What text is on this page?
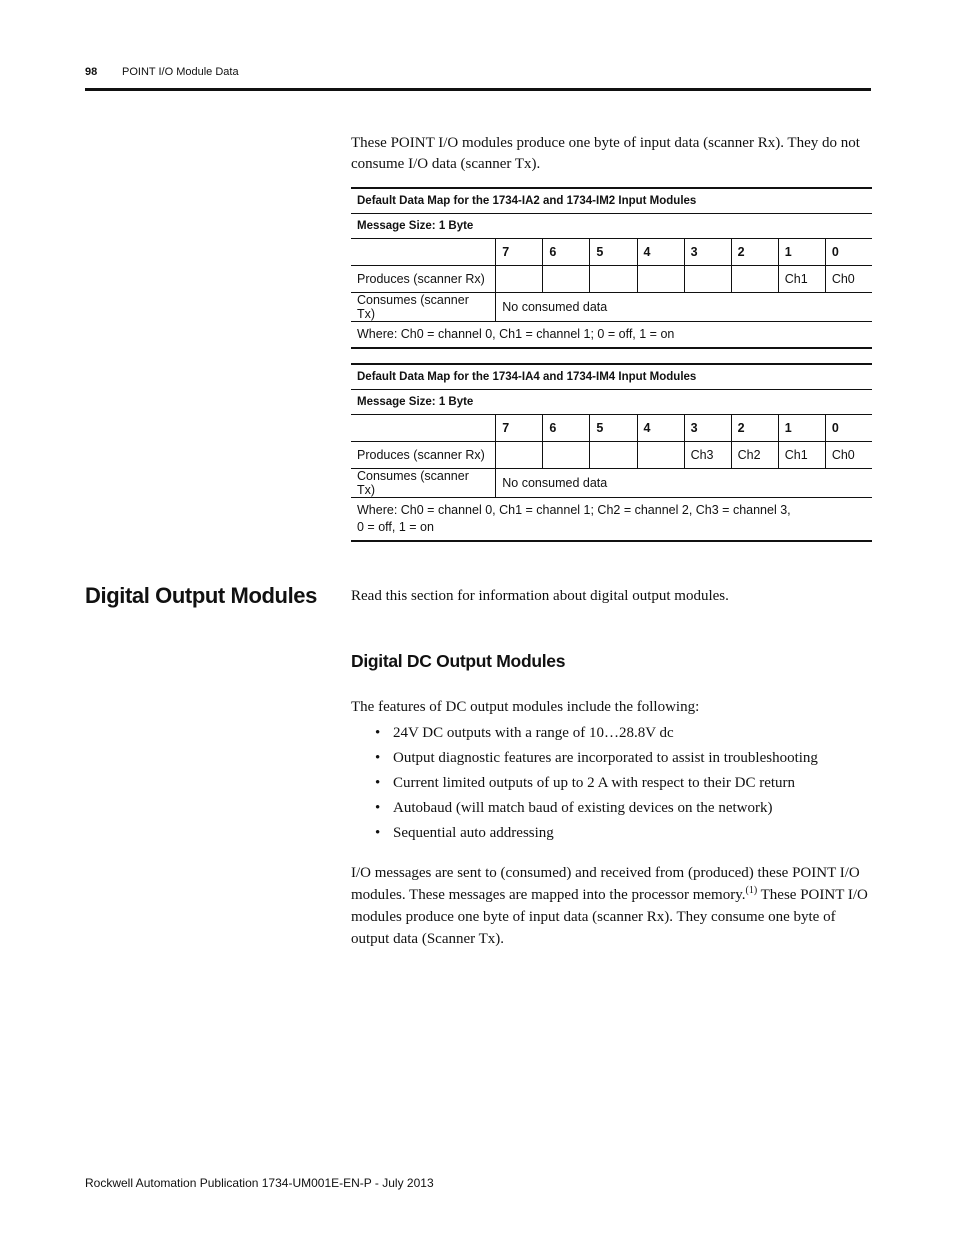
98 POINT I/O Module Data

These POINT I/O modules produce one byte of input data (scanner Rx). They do not consume I/O data (scanner Tx).

Default Data Map for the 1734-IA2 and 1734-IM2 Input Modules								
Message Size: 1 Byte								
	7	6	5	4	3	2	1	0
Produces (scanner Rx)							Ch1	Ch0
Consumes (scanner Tx)	No consumed data							
Where: Ch0 = channel 0, Ch1 = channel 1; 0 = off, 1 = on								
Default Data Map for the 1734-IA4 and 1734-IM4 Input Modules								
Message Size: 1 Byte								
	7	6	5	4	3	2	1	0
Produces (scanner Rx)					Ch3	Ch2	Ch1	Ch0
Consumes (scanner Tx)	No consumed data							

Where: Ch0 = channel 0, Ch1 = channel 1; Ch2 = channel 2, Ch3 = channel 3,
0 = off, 1 = on								
Digital Output Modules Read this section for information about digital output modules.

Digital DC Output Modules

The features of DC output modules include the following:

• 24V DC outputs with a range of 10…28.8V dc
• Output diagnostic features are incorporated to assist in troubleshooting
• Current limited outputs of up to 2 A with respect to their DC return
• Autobaud (will match baud of existing devices on the network)
• Sequential auto addressing
I/O messages are sent to (consumed) and received from (produced) these POINT I/O modules. These messages are mapped into the processor memory.$^{(1)}$ These POINT I/O modules produce one byte of input data (scanner Rx). They consume one byte of output data (Scanner Tx).
Rockwell Automation Publication 1734-UM001E-EN-P - July 2013
